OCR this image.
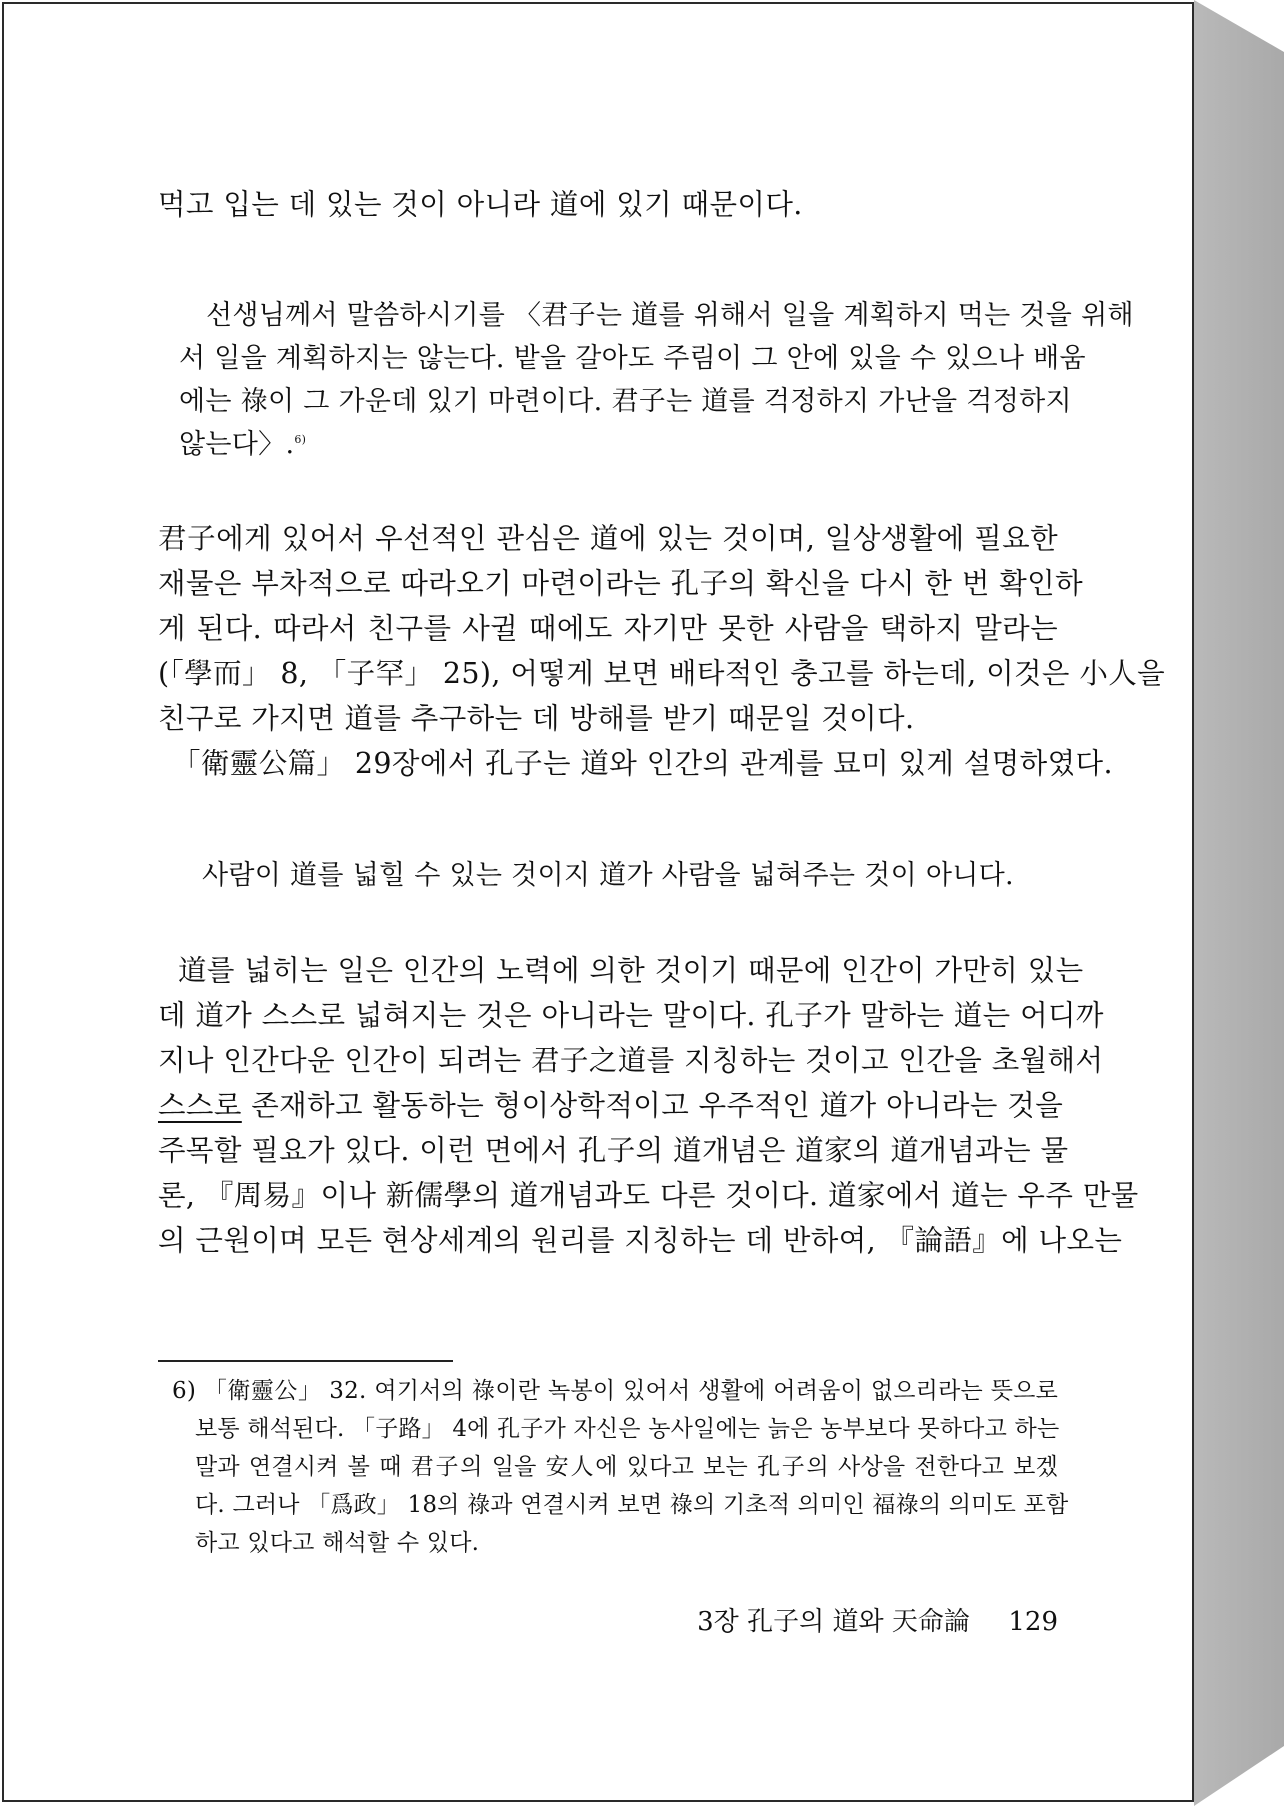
먹고 입는 데 있는 것이 아니라 道에 있기 때문이다.
선생님께서 말씀하시기를 〈君子는 道를 위해서 일을 계획하지 먹는 것을 위해
서 일을 계획하지는 않는다. 밭을 갈아도 주림이 그 안에 있을 수 있으나 배움
에는 祿이 그 가운데 있기 마련이다. 君子는 道를 걱정하지 가난을 걱정하지
않는다〉.$^{6)}$
君子에게 있어서 우선적인 관심은 道에 있는 것이며, 일상생활에 필요한
재물은 부차적으로 따라오기 마련이라는 孔子의 확신을 다시 한 번 확인하
게 된다. 따라서 친구를 사귈 때에도 자기만 못한 사람을 택하지 말라는
(「學而」 8, 「子罕」 25), 어떻게 보면 배타적인 충고를 하는데, 이것은 小人을
친구로 가지면 道를 추구하는 데 방해를 받기 때문일 것이다.
「衛靈公篇」 29장에서 孔子는 道와 인간의 관계를 묘미 있게 설명하였다.
사람이 道를 넓힐 수 있는 것이지 道가 사람을 넓혀주는 것이 아니다.
道를 넓히는 일은 인간의 노력에 의한 것이기 때문에 인간이 가만히 있는
데 道가 스스로 넓혀지는 것은 아니라는 말이다. 孔子가 말하는 道는 어디까
지나 인간다운 인간이 되려는 君子之道를 지칭하는 것이고 인간을 초월해서
스스로 존재하고 활동하는 형이상학적이고 우주적인 道가 아니라는 것을
주목할 필요가 있다. 이런 면에서 孔子의 道개념은 道家의 道개념과는 물
론, 『周易』이나 新儒學의 道개념과도 다른 것이다. 道家에서 道는 우주 만물
의 근원이며 모든 현상세계의 원리를 지칭하는 데 반하여, 『論語』에 나오는
6) 「衛靈公」 32. 여기서의 祿이란 녹봉이 있어서 생활에 어려움이 없으리라는 뜻으로
보통 해석된다. 「子路」 4에 孔子가 자신은 농사일에는 늙은 농부보다 못하다고 하는
말과 연결시켜 볼 때 君子의 일을 安人에 있다고 보는 孔子의 사상을 전한다고 보겠
다. 그러나 「爲政」 18의 祿과 연결시켜 보면 祿의 기초적 의미인 福祿의 의미도 포함
하고 있다고 해석할 수 있다.
3장 孔子의 道와 天命論 129
